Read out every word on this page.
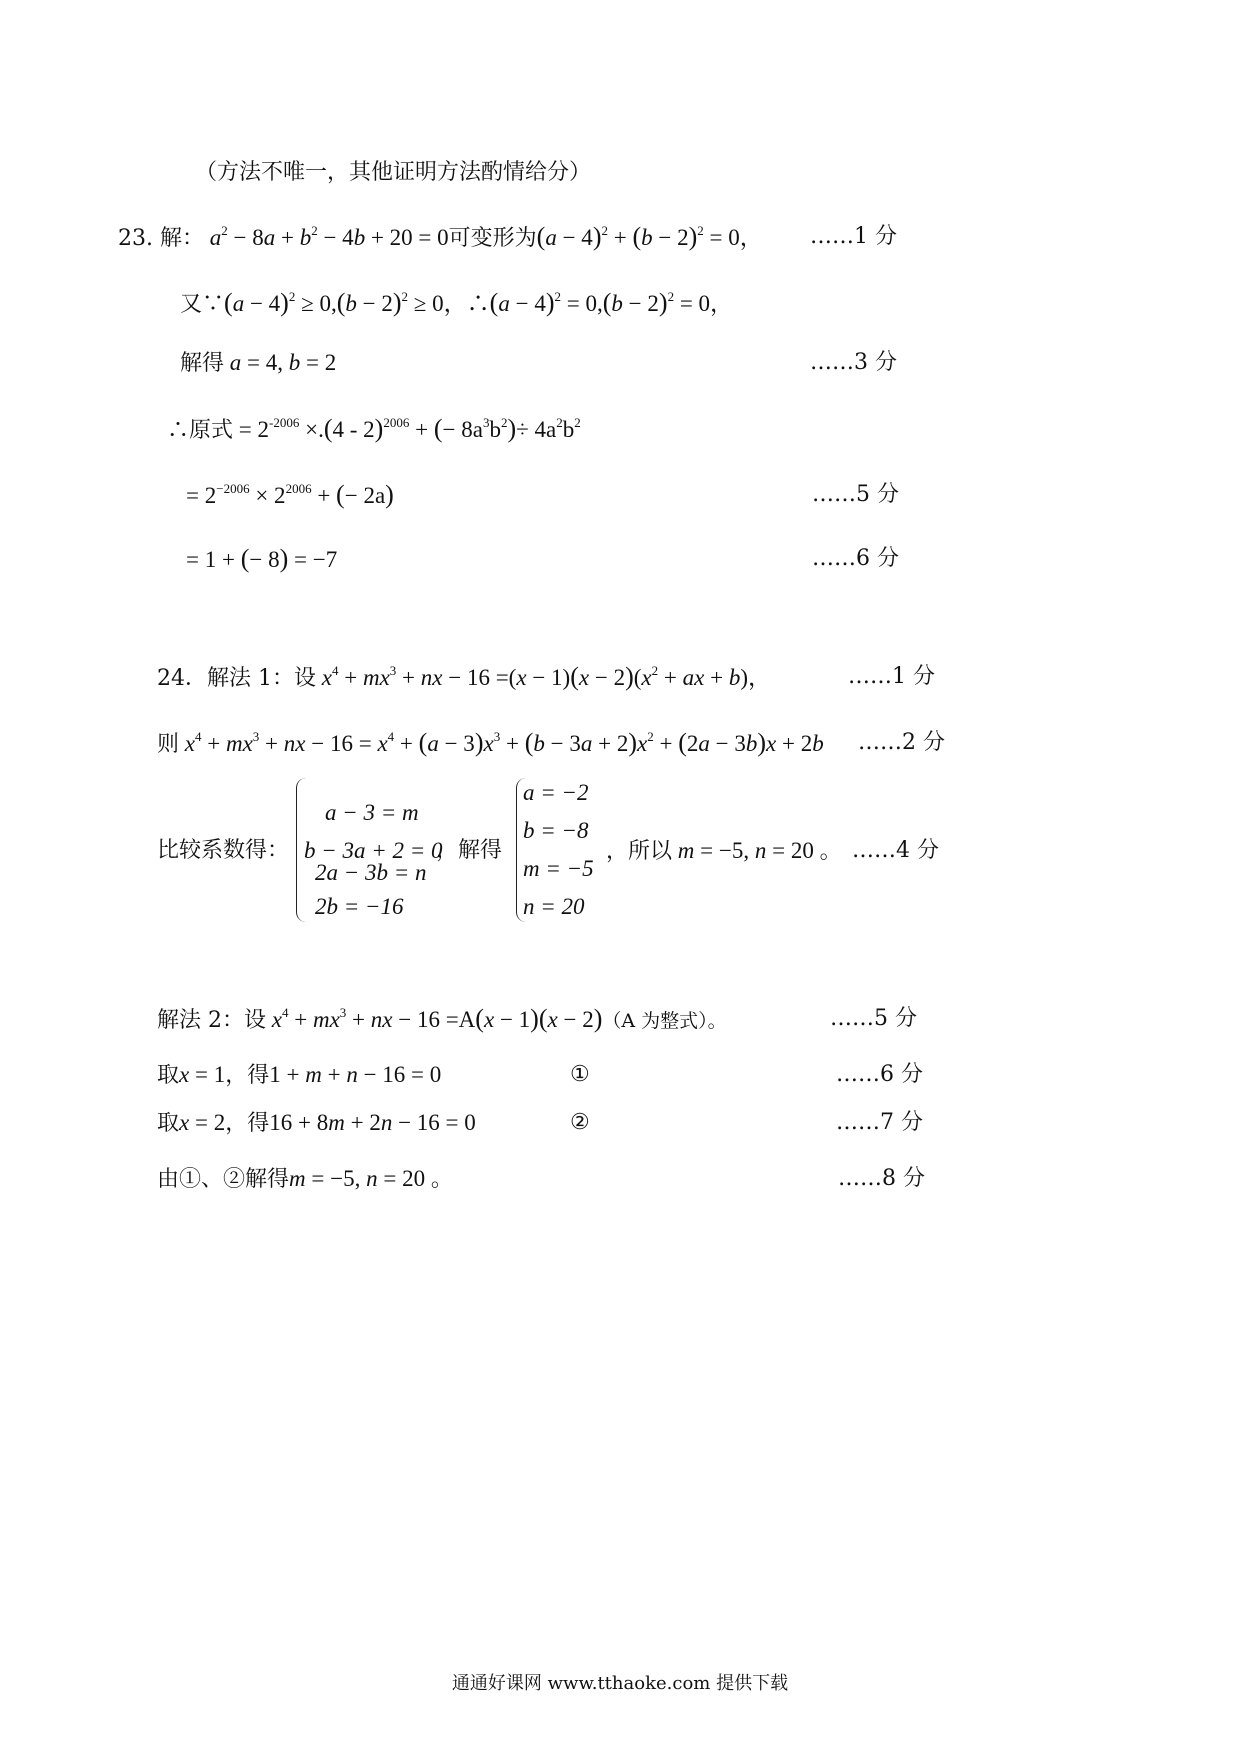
（方法不唯一，其他证明方法酌情给分）
23. 解： $a^2 - 8a + b^2 - 4b + 20 = 0$可变形为$(a - 4)^2 + (b - 2)^2 = 0$， ……1 分
又∵(a − $4)^2 \ge 0,(b - 2)^2 \ge 0$，∴(a − $4)^2 = 0,(b - 2)^2 = 0$，
解得 a = 4, b = 2	……3 分
∴原式 = $2^{-2006} \times.(4 - 2)^{2006}$ + (− $8a^3b^2)\div 4a^2b^2$
= $2^{-2006} \times 2^{2006}$ + (− 2a)	……5 分
= 1 + (− 8) = −7	……6 分
24．解法 1：设 $x^4 + mx^3$ + nx − $16 =(x - 1)(x - 2)(x^2$ + ax + b)，	……1 分
则 $x^4 + mx^3$ + nx − $16 = x^4 + (a - 3)x^3 + (b - 3a + 2)x^2 + (2a - 3b)x + 2b$ ……2 分
比较系数得：
a − 3 = m
b − 3a + 2 = 0
2a − 3b = n
2b = −16
，解得
a = −2
b = −8
m = −5
n = 20
，所以 m = −5, n = 20 。 ……4 分
解法 2：设 $x^4 + mx^3$ + nx − 16 =A(x − 1)(x − 2)（A 为整式）。	……5 分
取x = 1，得1 + m + n − 16 = 0	①	……6 分
取x = 2，得16 + 8m + 2n − 16 = 0	②	……7 分
由①、②解得m = −5, n = 20 。	……8 分
通通好课网 www.tthaoke.com 提供下载
